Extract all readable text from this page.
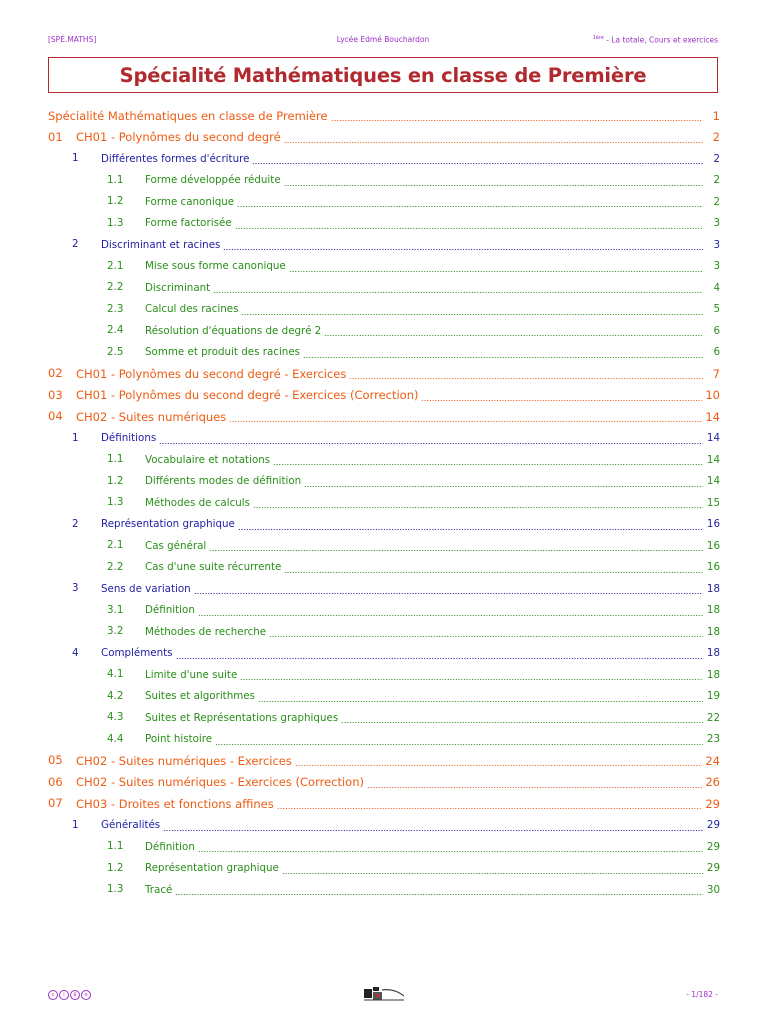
[SPÉ.MATHS]	Lycée Edmé Bouchardon	$^{1ère}$ - La totale, Cours et exercices
Spécialité Mathématiques en classe de Première
Spécialité Mathématiques en classe de Première	1
01 CH01 - Polynômes du second degré	2
1 Différentes formes d'écriture	2
1.1 Forme développée réduite	2
1.2 Forme canonique	2
1.3 Forme factorisée	3
2 Discriminant et racines	3
2.1 Mise sous forme canonique	3
2.2 Discriminant	4
2.3 Calcul des racines	5
2.4 Résolution d'équations de degré 2	6
2.5 Somme et produit des racines	6
02 CH01 - Polynômes du second degré - Exercices	7
03 CH01 - Polynômes du second degré - Exercices (Correction)	10
04 CH02 - Suites numériques	14
1 Définitions	14
1.1 Vocabulaire et notations	14
1.2 Différents modes de définition	14
1.3 Méthodes de calculs	15
2 Représentation graphique	16
2.1 Cas général	16
2.2 Cas d'une suite récurrente	16
3 Sens de variation	18
3.1 Définition	18
3.2 Méthodes de recherche	18
4 Compléments	18
4.1 Limite d'une suite	18
4.2 Suites et algorithmes	19
4.3 Suites et Représentations graphiques	22
4.4 Point histoire	23
05 CH02 - Suites numériques - Exercices	24
06 CH02 - Suites numériques - Exercices (Correction)	26
07 CH03 - Droites et fonctions affines	29
1 Généralités	29
1.1 Définition	29
1.2 Représentation graphique	29
1.3 Tracé	30
c	i	$	o	- 1/182 -
